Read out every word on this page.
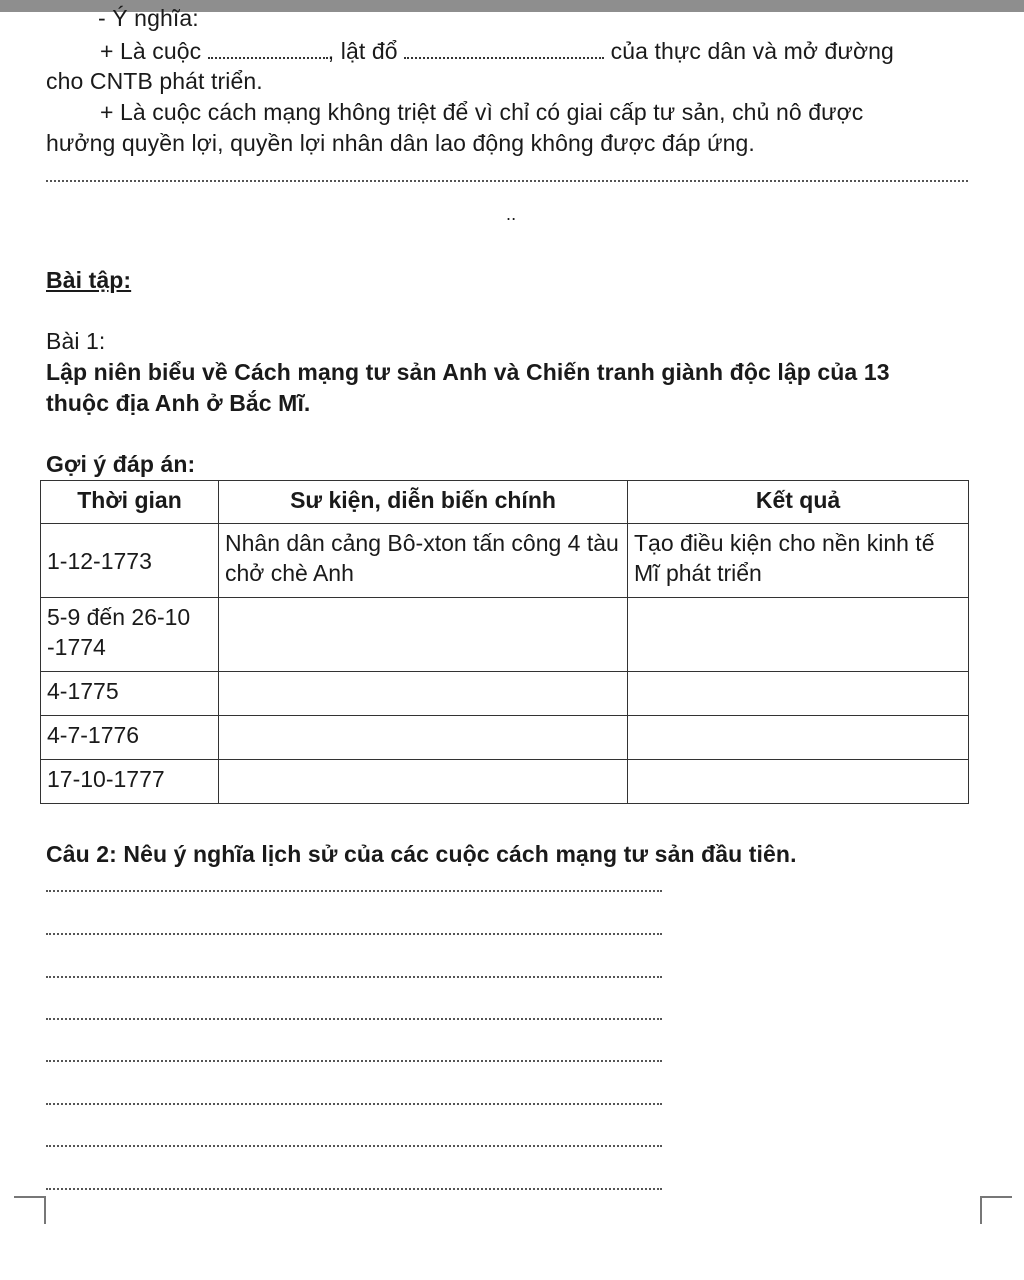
- Ý nghĩa:
+ Là cuộc	, lật đổ	của thực dân và mở đường
cho CNTB phát triển.
+ Là cuộc cách mạng không triệt để vì chỉ có giai cấp tư sản, chủ nô được
hưởng quyền lợi, quyền lợi nhân dân lao động không được đáp ứng.
..
Bài tập:
Bài 1:
Lập niên biểu về Cách mạng tư sản Anh và Chiến tranh giành độc lập của 13
thuộc địa Anh ở Bắc Mĩ.
Gợi ý đáp án:
Thời gian	Sư kiện, diễn biến chính	Kết quả
1-12-1773	Nhân dân cảng Bô-xton tấn công 4 tàu chở chè Anh	Tạo điều kiện cho nền kinh tế Mĩ phát triển
5-9 đến 26-10 -1774		
4-1775		
4-7-1776		
17-10-1777		
Câu 2: Nêu ý nghĩa lịch sử của các cuộc cách mạng tư sản đầu tiên.
